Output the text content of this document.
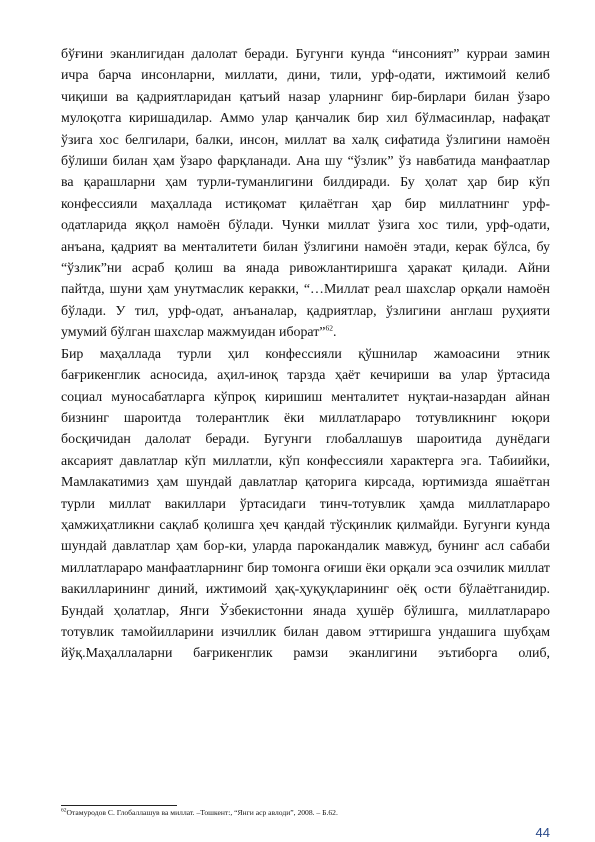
бўғини эканлигидан далолат беради. Бугунги кунда “инсоният” курраи замин
ичра барча инсонларни, миллати, дини, тили, урф-одати, ижтимоий келиб
чиқиши ва қадриятларидан қатъий назар уларнинг бир-бирлари билан ўзаро
мулоқотга киришадилар. Аммо улар қанчалик бир хил бўлмасинлар, нафақат
ўзига хос белгилари, балки, инсон, миллат ва халқ сифатида ўзлигини намоён
бўлиши билан ҳам ўзаро фарқланади. Ана шу “ўзлик” ўз навбатида манфаатлар
ва қарашларни ҳам турли-туманлигини билдиради. Бу ҳолат ҳар бир кўп
конфессияли маҳаллада истиқомат қилаётган ҳар бир миллатнинг урф-
одатларида яққол намоён бўлади. Чунки миллат ўзига хос тили, урф-одати,
анъана, қадрият ва менталитети билан ўзлигини намоён этади, керак бўлса, бу
“ўзлик”ни асраб қолиш ва янада ривожлантиришга ҳаракат қилади. Айни
пайтда, шуни ҳам унутмаслик керакки, “…Миллат реал шахслар орқали намоён
бўлади. У тил, урф-одат, анъаналар, қадриятлар, ўзлигини англаш руҳияти
умумий бўлган шахслар мажмуидан иборат”$^{62}$.
Бир маҳаллада турли ҳил конфессияли қўшнилар жамоасини этник
бағрикенглик асносида, аҳил-иноқ тарзда ҳаёт кечириши ва улар ўртасида
социал муносабатларга кўпроқ киришиш менталитет нуқтаи-назардан айнан
бизнинг шароитда толерантлик ёки миллатлараро тотувликнинг юқори
босқичидан далолат беради. Бугунги глобаллашув шароитида дунёдаги
аксарият давлатлар кўп миллатли, кўп конфессияли характерга эга. Табиийки,
Мамлакатимиз ҳам шундай давлатлар қаторига кирсада, юртимизда яшаётган
турли миллат вакиллари ўртасидаги тинч-тотувлик ҳамда миллатлараро
ҳамжиҳатликни сақлаб қолишга ҳеч қандай тўсқинлик қилмайди. Бугунги кунда
шундай давлатлар ҳам бор-ки, уларда парокандалик мавжуд, бунинг асл сабаби
миллатлараро манфаатларнинг бир томонга оғиши ёки орқали эса озчилик миллат
вакилларининг диний, ижтимоий ҳақ-ҳуқуқларининг оёқ ости бўлаётганидир.
Бундай ҳолатлар, Янги Ўзбекистонни янада ҳушёр бўлишга, миллатлараро
тотувлик тамойилларини изчиллик билан давом эттиришга ундашига шубҳам
йўқ.Маҳаллаларни бағрикенглик рамзи эканлигини эътиборга олиб,
$^{62}$Отамуродов С. Глобаллашув ва миллат. –Тошкент:, “Янги аср авлоди”, 2008. – Б.62.
44
